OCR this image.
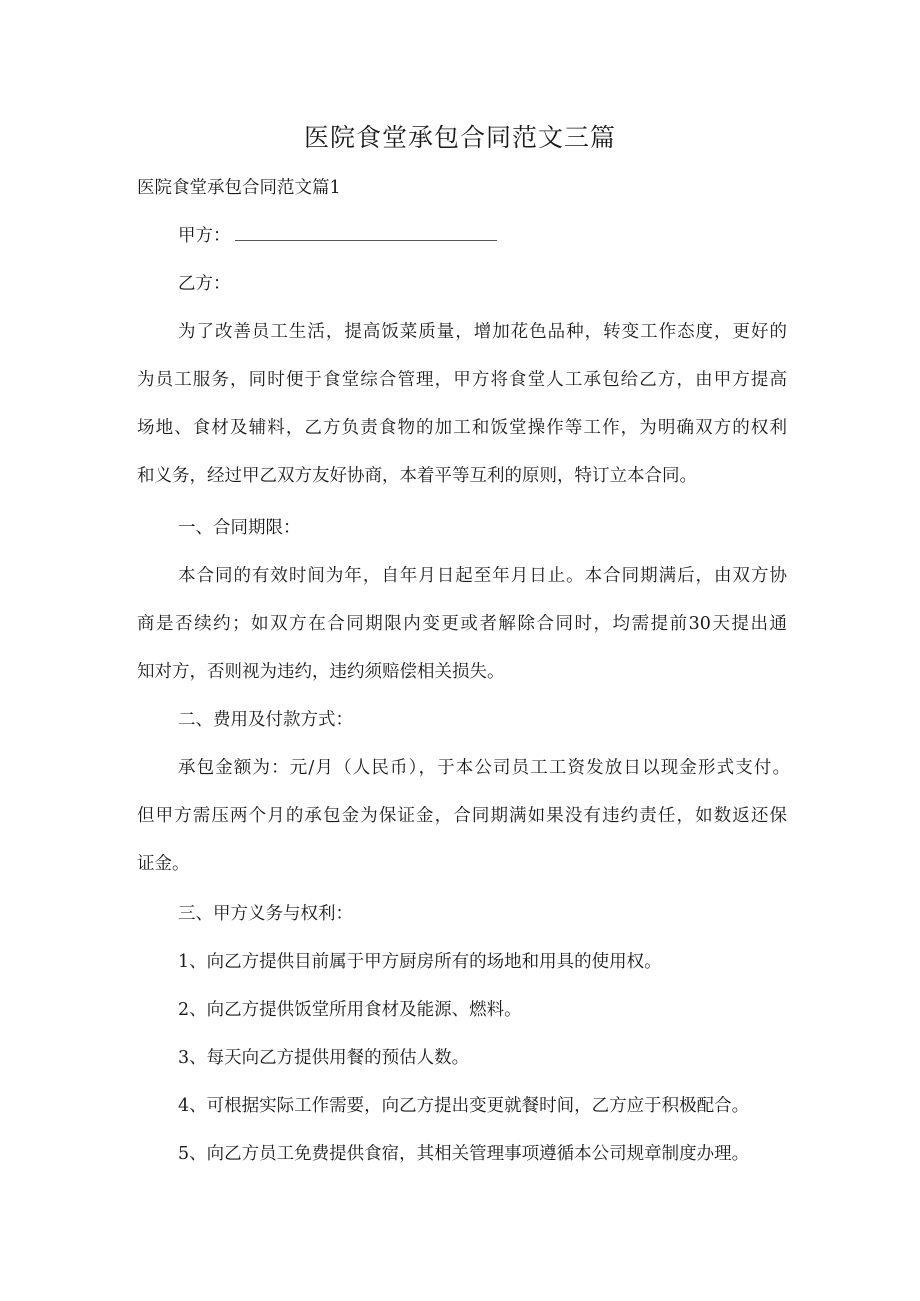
医院食堂承包合同范文三篇
医院食堂承包合同范文篇1
甲方：
乙方：
为了改善员工生活，提高饭菜质量，增加花色品种，转变工作态度，更好的
为员工服务，同时便于食堂综合管理，甲方将食堂人工承包给乙方，由甲方提高
场地、食材及辅料，乙方负责食物的加工和饭堂操作等工作，为明确双方的权利
和义务，经过甲乙双方友好协商，本着平等互利的原则，特订立本合同。
一、合同期限：
本合同的有效时间为年，自年月日起至年月日止。本合同期满后，由双方协
商是否续约；如双方在合同期限内变更或者解除合同时，均需提前30天提出通
知对方，否则视为违约，违约须赔偿相关损失。
二、费用及付款方式：
承包金额为：元/月（人民币），于本公司员工工资发放日以现金形式支付。
但甲方需压两个月的承包金为保证金，合同期满如果没有违约责任，如数返还保
证金。
三、甲方义务与权利：
1、向乙方提供目前属于甲方厨房所有的场地和用具的使用权。
2、向乙方提供饭堂所用食材及能源、燃料。
3、每天向乙方提供用餐的预估人数。
4、可根据实际工作需要，向乙方提出变更就餐时间，乙方应于积极配合。
5、向乙方员工免费提供食宿，其相关管理事项遵循本公司规章制度办理。
